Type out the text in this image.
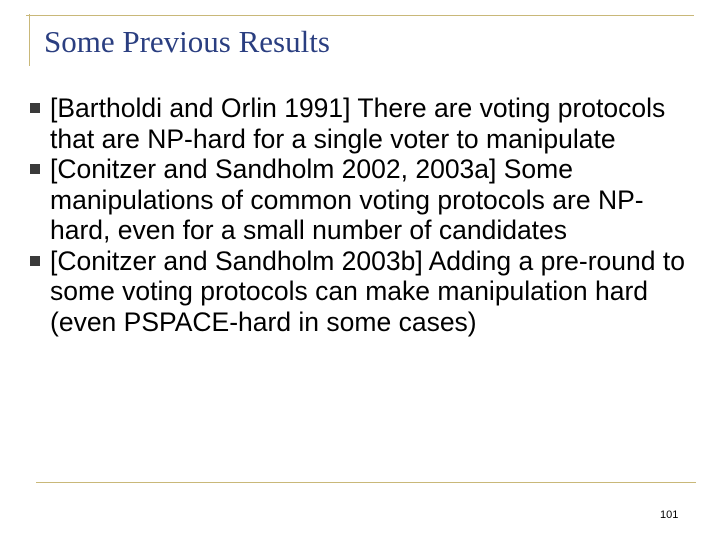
Some Previous Results
[Bartholdi and Orlin 1991] There are voting protocols that are NP-hard for a single voter to manipulate
[Conitzer and Sandholm 2002, 2003a] Some manipulations of common voting protocols are NP-hard, even for a small number of candidates
[Conitzer and Sandholm 2003b] Adding a pre-round to some voting protocols can make manipulation hard (even PSPACE-hard in some cases)
101
